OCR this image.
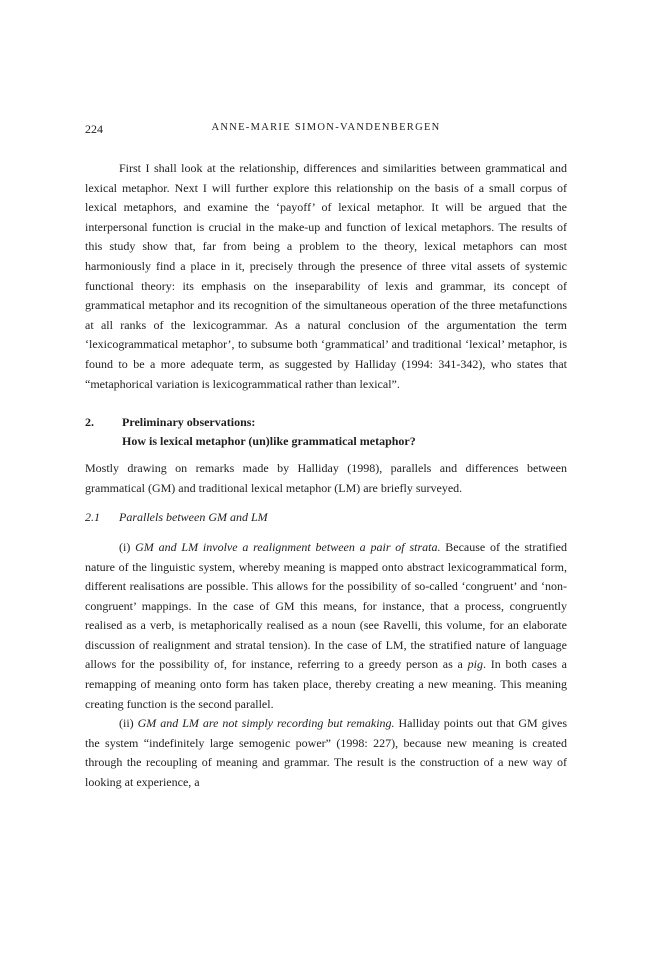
224	ANNE-MARIE SIMON-VANDENBERGEN

First I shall look at the relationship, differences and similarities between grammatical and lexical metaphor. Next I will further explore this relationship on the basis of a small corpus of lexical metaphors, and examine the ‘payoff’ of lexical metaphor. It will be argued that the interpersonal function is crucial in the make-up and function of lexical metaphors. The results of this study show that, far from being a problem to the theory, lexical metaphors can most harmoniously find a place in it, precisely through the presence of three vital assets of systemic functional theory: its emphasis on the inseparability of lexis and grammar, its concept of grammatical metaphor and its recognition of the simultaneous operation of the three metafunctions at all ranks of the lexicogrammar. As a natural conclusion of the argumentation the term ‘lexicogrammatical metaphor’, to subsume both ‘grammatical’ and traditional ‘lexical’ metaphor, is found to be a more adequate term, as suggested by Halliday (1994: 341-342), who states that “metaphorical variation is lexicogrammatical rather than lexical”.

2.	Preliminary observations:
How is lexical metaphor (un)like grammatical metaphor?

Mostly drawing on remarks made by Halliday (1998), parallels and differences between grammatical (GM) and traditional lexical metaphor (LM) are briefly surveyed.

2.1	Parallels between GM and LM

(i) GM and LM involve a realignment between a pair of strata. Because of the stratified nature of the linguistic system, whereby meaning is mapped onto abstract lexicogrammatical form, different realisations are possible. This allows for the possibility of so-called ‘congruent’ and ‘non-congruent’ mappings. In the case of GM this means, for instance, that a process, congruently realised as a verb, is metaphorically realised as a noun (see Ravelli, this volume, for an elaborate discussion of realignment and stratal tension). In the case of LM, the stratified nature of language allows for the possibility of, for instance, referring to a greedy person as a pig. In both cases a remapping of meaning onto form has taken place, thereby creating a new meaning. This meaning creating function is the second parallel.

(ii) GM and LM are not simply recording but remaking. Halliday points out that GM gives the system “indefinitely large semogenic power” (1998: 227), because new meaning is created through the recoupling of meaning and grammar. The result is the construction of a new way of looking at experience, a
